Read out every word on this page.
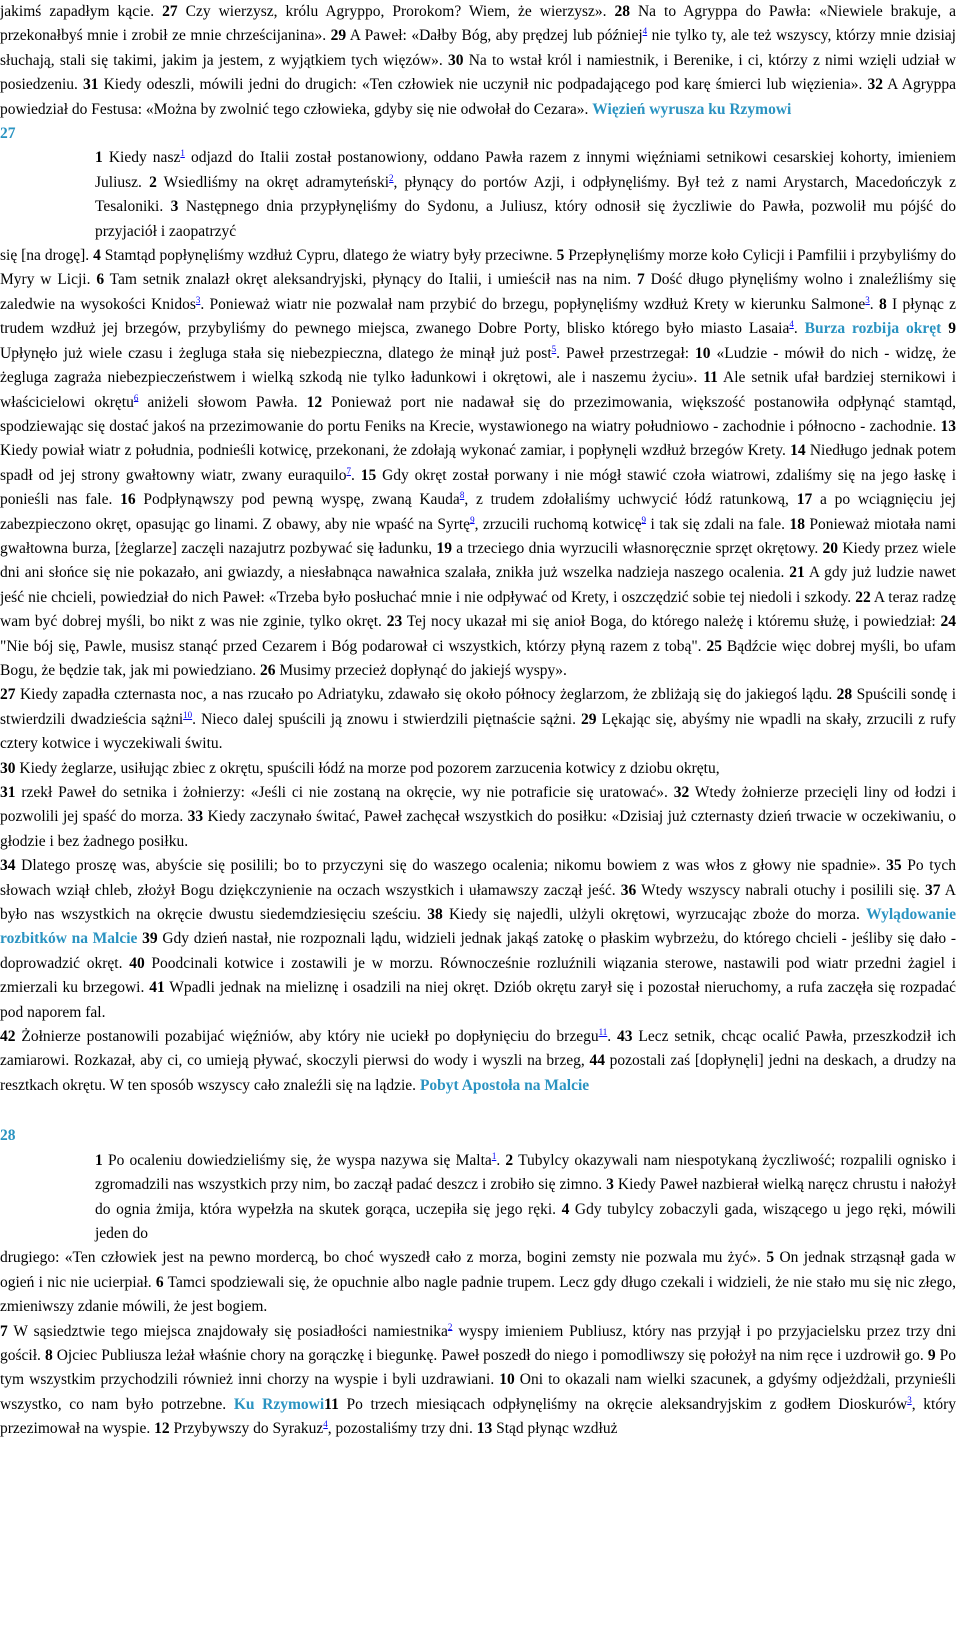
jakimś zapadłym kącie. 27 Czy wierzysz, królu Agryppo, Prorokom? Wiem, że wierzysz». 28 Na to Agryppa do Pawła: «Niewiele brakuje, a przekonałbyś mnie i zrobił ze mnie chrześcijanina». 29 A Paweł: «Dałby Bóg, aby prędzej lub później$^4$ nie tylko ty, ale też wszyscy, którzy mnie dzisiaj słuchają, stali się takimi, jakim ja jestem, z wyjątkiem tych więzów». 30 Na to wstał król i namiestnik, i Berenike, i ci, którzy z nimi wzięli udział w posiedzeniu. 31 Kiedy odeszli, mówili jedni do drugich: «Ten człowiek nie uczynił nic podpadającego pod karę śmierci lub więzienia». 32 A Agryppa powiedział do Festusa: «Można by zwolnić tego człowieka, gdyby się nie odwołał do Cezara». Więzień wyrusza ku Rzymowi

27

1 Kiedy nasz$^1$ odjazd do Italii został postanowiony, oddano Pawła razem z innymi więźniami setnikowi cesarskiej kohorty, imieniem Juliusz. 2 Wsiedliśmy na okręt adramyteński$^2$, płynący do portów Azji, i odpłynęliśmy. Był też z nami Arystarch, Macedończyk z Tesaloniki. 3 Następnego dnia przypłynęliśmy do Sydonu, a Juliusz, który odnosił się życzliwie do Pawła, pozwolił mu pójść do przyjaciół i zaopatrzyć

się [na drogę]. 4 Stamtąd popłynęliśmy wzdłuż Cypru, dlatego że wiatry były przeciwne. 5 Przepłynęliśmy morze koło Cylicji i Pamfilii i przybyliśmy do Myry w Licji. 6 Tam setnik znalazł okręt aleksandryjski, płynący do Italii, i umieścił nas na nim. 7 Dość długo płynęliśmy wolno i znaleźliśmy się zaledwie na wysokości Knidos$^3$. Ponieważ wiatr nie pozwalał nam przybić do brzegu, popłynęliśmy wzdłuż Krety w kierunku Salmone$^3$. 8 I płynąc z trudem wzdłuż jej brzegów, przybyliśmy do pewnego miejsca, zwanego Dobre Porty, blisko którego było miasto Lasaia$^4$. Burza rozbija okręt 9 Upłynęło już wiele czasu i żegluga stała się niebezpieczna, dlatego że minął już post$^5$. Paweł przestrzegał: 10 «Ludzie - mówił do nich - widzę, że żegluga zagraża niebezpieczeństwem i wielką szkodą nie tylko ładunkowi i okrętowi, ale i naszemu życiu». 11 Ale setnik ufał bardziej sternikowi i właścicielowi okrętu$^6$ aniżeli słowom Pawła. 12 Ponieważ port nie nadawał się do przezimowania, większość postanowiła odpłynąć stamtąd, spodziewając się dostać jakoś na przezimowanie do portu Feniks na Krecie, wystawionego na wiatry południowo - zachodnie i północno - zachodnie. 13 Kiedy powiał wiatr z południa, podnieśli kotwicę, przekonani, że zdołają wykonać zamiar, i popłynęli wzdłuż brzegów Krety. 14 Niedługo jednak potem spadł od jej strony gwałtowny wiatr, zwany euraquilo$^7$. 15 Gdy okręt został porwany i nie mógł stawić czoła wiatrowi, zdaliśmy się na jego łaskę i ponieśli nas fale. 16 Podpłynąwszy pod pewną wyspę, zwaną Kauda$^8$, z trudem zdołaliśmy uchwycić łódź ratunkową, 17 a po wciągnięciu jej zabezpieczono okręt, opasując go linami. Z obawy, aby nie wpaść na Syrtę$^9$, zrzucili ruchomą kotwicę$^9$ i tak się zdali na fale. 18 Ponieważ miotała nami gwałtowna burza, [żeglarze] zaczęli nazajutrz pozbywać się ładunku, 19 a trzeciego dnia wyrzucili własnoręcznie sprzęt okrętowy. 20 Kiedy przez wiele dni ani słońce się nie pokazało, ani gwiazdy, a niesłabnąca nawałnica szalała, znikła już wszelka nadzieja naszego ocalenia. 21 A gdy już ludzie nawet jeść nie chcieli, powiedział do nich Paweł: «Trzeba było posłuchać mnie i nie odpływać od Krety, i oszczędzić sobie tej niedoli i szkody. 22 A teraz radzę wam być dobrej myśli, bo nikt z was nie zginie, tylko okręt. 23 Tej nocy ukazał mi się anioł Boga, do którego należę i któremu służę, i powiedział: 24 "Nie bój się, Pawle, musisz stanąć przed Cezarem i Bóg podarował ci wszystkich, którzy płyną razem z tobą". 25 Bądźcie więc dobrej myśli, bo ufam Bogu, że będzie tak, jak mi powiedziano. 26 Musimy przecież dopłynąć do jakiejś wyspy».
27 Kiedy zapadła czternasta noc, a nas rzucało po Adriatyku, zdawało się około północy żeglarzom, że zbliżają się do jakiegoś lądu. 28 Spuścili sondę i stwierdzili dwadzieścia sążni$^{10}$. Nieco dalej spuścili ją znowu i stwierdzili piętnaście sążni. 29 Lękając się, abyśmy nie wpadli na skały, zrzucili z rufy cztery kotwice i wyczekiwali świtu.
30 Kiedy żeglarze, usiłując zbiec z okrętu, spuścili łódź na morze pod pozorem zarzucenia kotwicy z dziobu okrętu,
31 rzekł Paweł do setnika i żołnierzy: «Jeśli ci nie zostaną na okręcie, wy nie potraficie się uratować». 32 Wtedy żołnierze przecięli liny od łodzi i pozwolili jej spaść do morza. 33 Kiedy zaczynało świtać, Paweł zachęcał wszystkich do posiłku: «Dzisiaj już czternasty dzień trwacie w oczekiwaniu, o głodzie i bez żadnego posiłku.
34 Dlatego proszę was, abyście się posilili; bo to przyczyni się do waszego ocalenia; nikomu bowiem z was włos z głowy nie spadnie». 35 Po tych słowach wziął chleb, złożył Bogu dziękczynienie na oczach wszystkich i ułamawszy zaczął jeść. 36 Wtedy wszyscy nabrali otuchy i posilili się. 37 A było nas wszystkich na okręcie dwustu siedemdziesięciu sześciu. 38 Kiedy się najedli, ulżyli okrętowi, wyrzucając zboże do morza. Wylądowanie rozbitków na Malcie 39 Gdy dzień nastał, nie rozpoznali lądu, widzieli jednak jakąś zatokę o płaskim wybrzeżu, do którego chcieli - jeśliby się dało - doprowadzić okręt. 40 Poodcinali kotwice i zostawili je w morzu. Równocześnie rozluźnili wiązania sterowe, nastawili pod wiatr przedni żagiel i zmierzali ku brzegowi. 41 Wpadli jednak na mieliznę i osadzili na niej okręt. Dziób okrętu zarył się i pozostał nieruchomy, a rufa zaczęła się rozpadać pod naporem fal.
42 Żołnierze postanowili pozabijać więźniów, aby który nie uciekł po dopłynięciu do brzegu$^{11}$. 43 Lecz setnik, chcąc ocalić Pawła, przeszkodził ich zamiarowi. Rozkazał, aby ci, co umieją pływać, skoczyli pierwsi do wody i wyszli na brzeg, 44 pozostali zaś [dopłynęli] jedni na deskach, a drudzy na resztkach okrętu. W ten sposób wszyscy cało znaleźli się na lądzie. Pobyt Apostoła na Malcie

28

1 Po ocaleniu dowiedzieliśmy się, że wyspa nazywa się Malta$^1$. 2 Tubylcy okazywali nam niespotykaną życzliwość; rozpalili ognisko i zgromadzili nas wszystkich przy nim, bo zaczął padać deszcz i zrobiło się zimno. 3 Kiedy Paweł nazbierał wielką naręcz chrustu i nałożył do ognia żmija, która wypełzła na skutek gorąca, uczepiła się jego ręki. 4 Gdy tubylcy zobaczyli gada, wiszącego u jego ręki, mówili jeden do

drugiego: «Ten człowiek jest na pewno mordercą, bo choć wyszedł cało z morza, bogini zemsty nie pozwala mu żyć». 5 On jednak strząsnął gada w ogień i nic nie ucierpiał. 6 Tamci spodziewali się, że opuchnie albo nagle padnie trupem. Lecz gdy długo czekali i widzieli, że nie stało mu się nic złego, zmieniwszy zdanie mówili, że jest bogiem.
7 W sąsiedztwie tego miejsca znajdowały się posiadłości namiestnika$^2$ wyspy imieniem Publiusz, który nas przyjął i po przyjacielsku przez trzy dni gościł. 8 Ojciec Publiusza leżał właśnie chory na gorączkę i biegunkę. Paweł poszedł do niego i pomodliwszy się położył na nim ręce i uzdrowił go. 9 Po tym wszystkim przychodzili również inni chorzy na wyspie i byli uzdrawiani. 10 Oni to okazali nam wielki szacunek, a gdyśmy odjeżdżali, przynieśli wszystko, co nam było potrzebne. Ku Rzymowi11 Po trzech miesiącach odpłynęliśmy na okręcie aleksandryjskim z godłem Dioskurów$^3$, który przezimował na wyspie. 12 Przybywszy do Syrakuz$^4$, pozostaliśmy trzy dni. 13 Stąd płynąc wzdłuż
